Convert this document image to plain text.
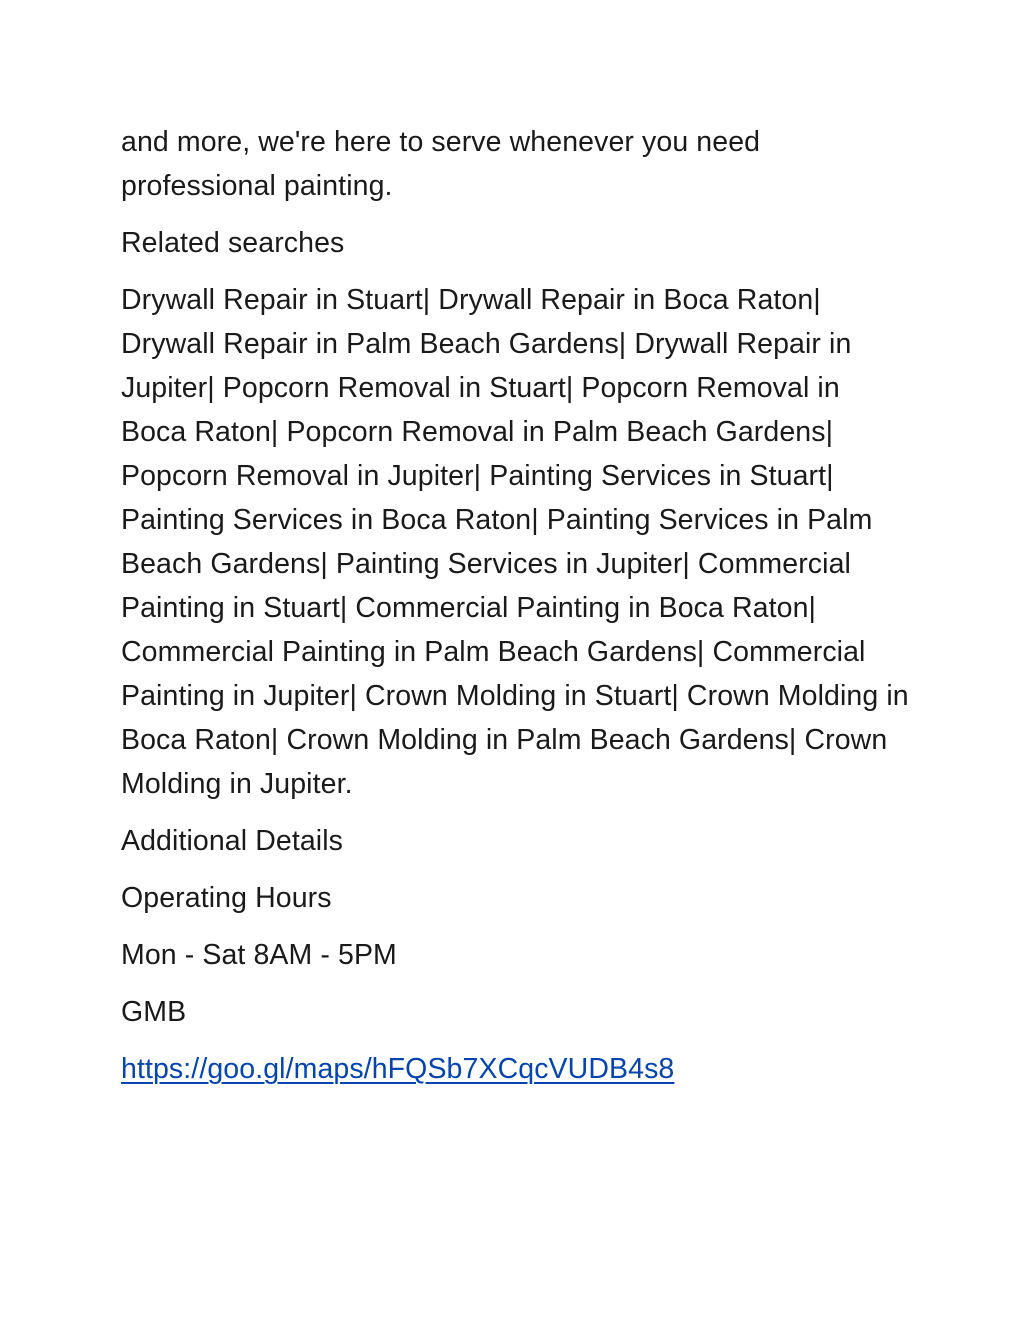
and more, we're here to serve whenever you need professional painting.

Related searches

Drywall Repair in Stuart| Drywall Repair in Boca Raton| Drywall Repair in Palm Beach Gardens| Drywall Repair in Jupiter| Popcorn Removal in Stuart| Popcorn Removal in Boca Raton| Popcorn Removal in Palm Beach Gardens| Popcorn Removal in Jupiter| Painting Services in Stuart| Painting Services in Boca Raton| Painting Services in Palm Beach Gardens| Painting Services in Jupiter| Commercial Painting in Stuart| Commercial Painting in Boca Raton| Commercial Painting in Palm Beach Gardens| Commercial Painting in Jupiter| Crown Molding in Stuart| Crown Molding in Boca Raton| Crown Molding in Palm Beach Gardens| Crown Molding in Jupiter.

Additional Details

Operating Hours

Mon - Sat 8AM - 5PM

GMB

https://goo.gl/maps/hFQSb7XCqcVUDB4s8
